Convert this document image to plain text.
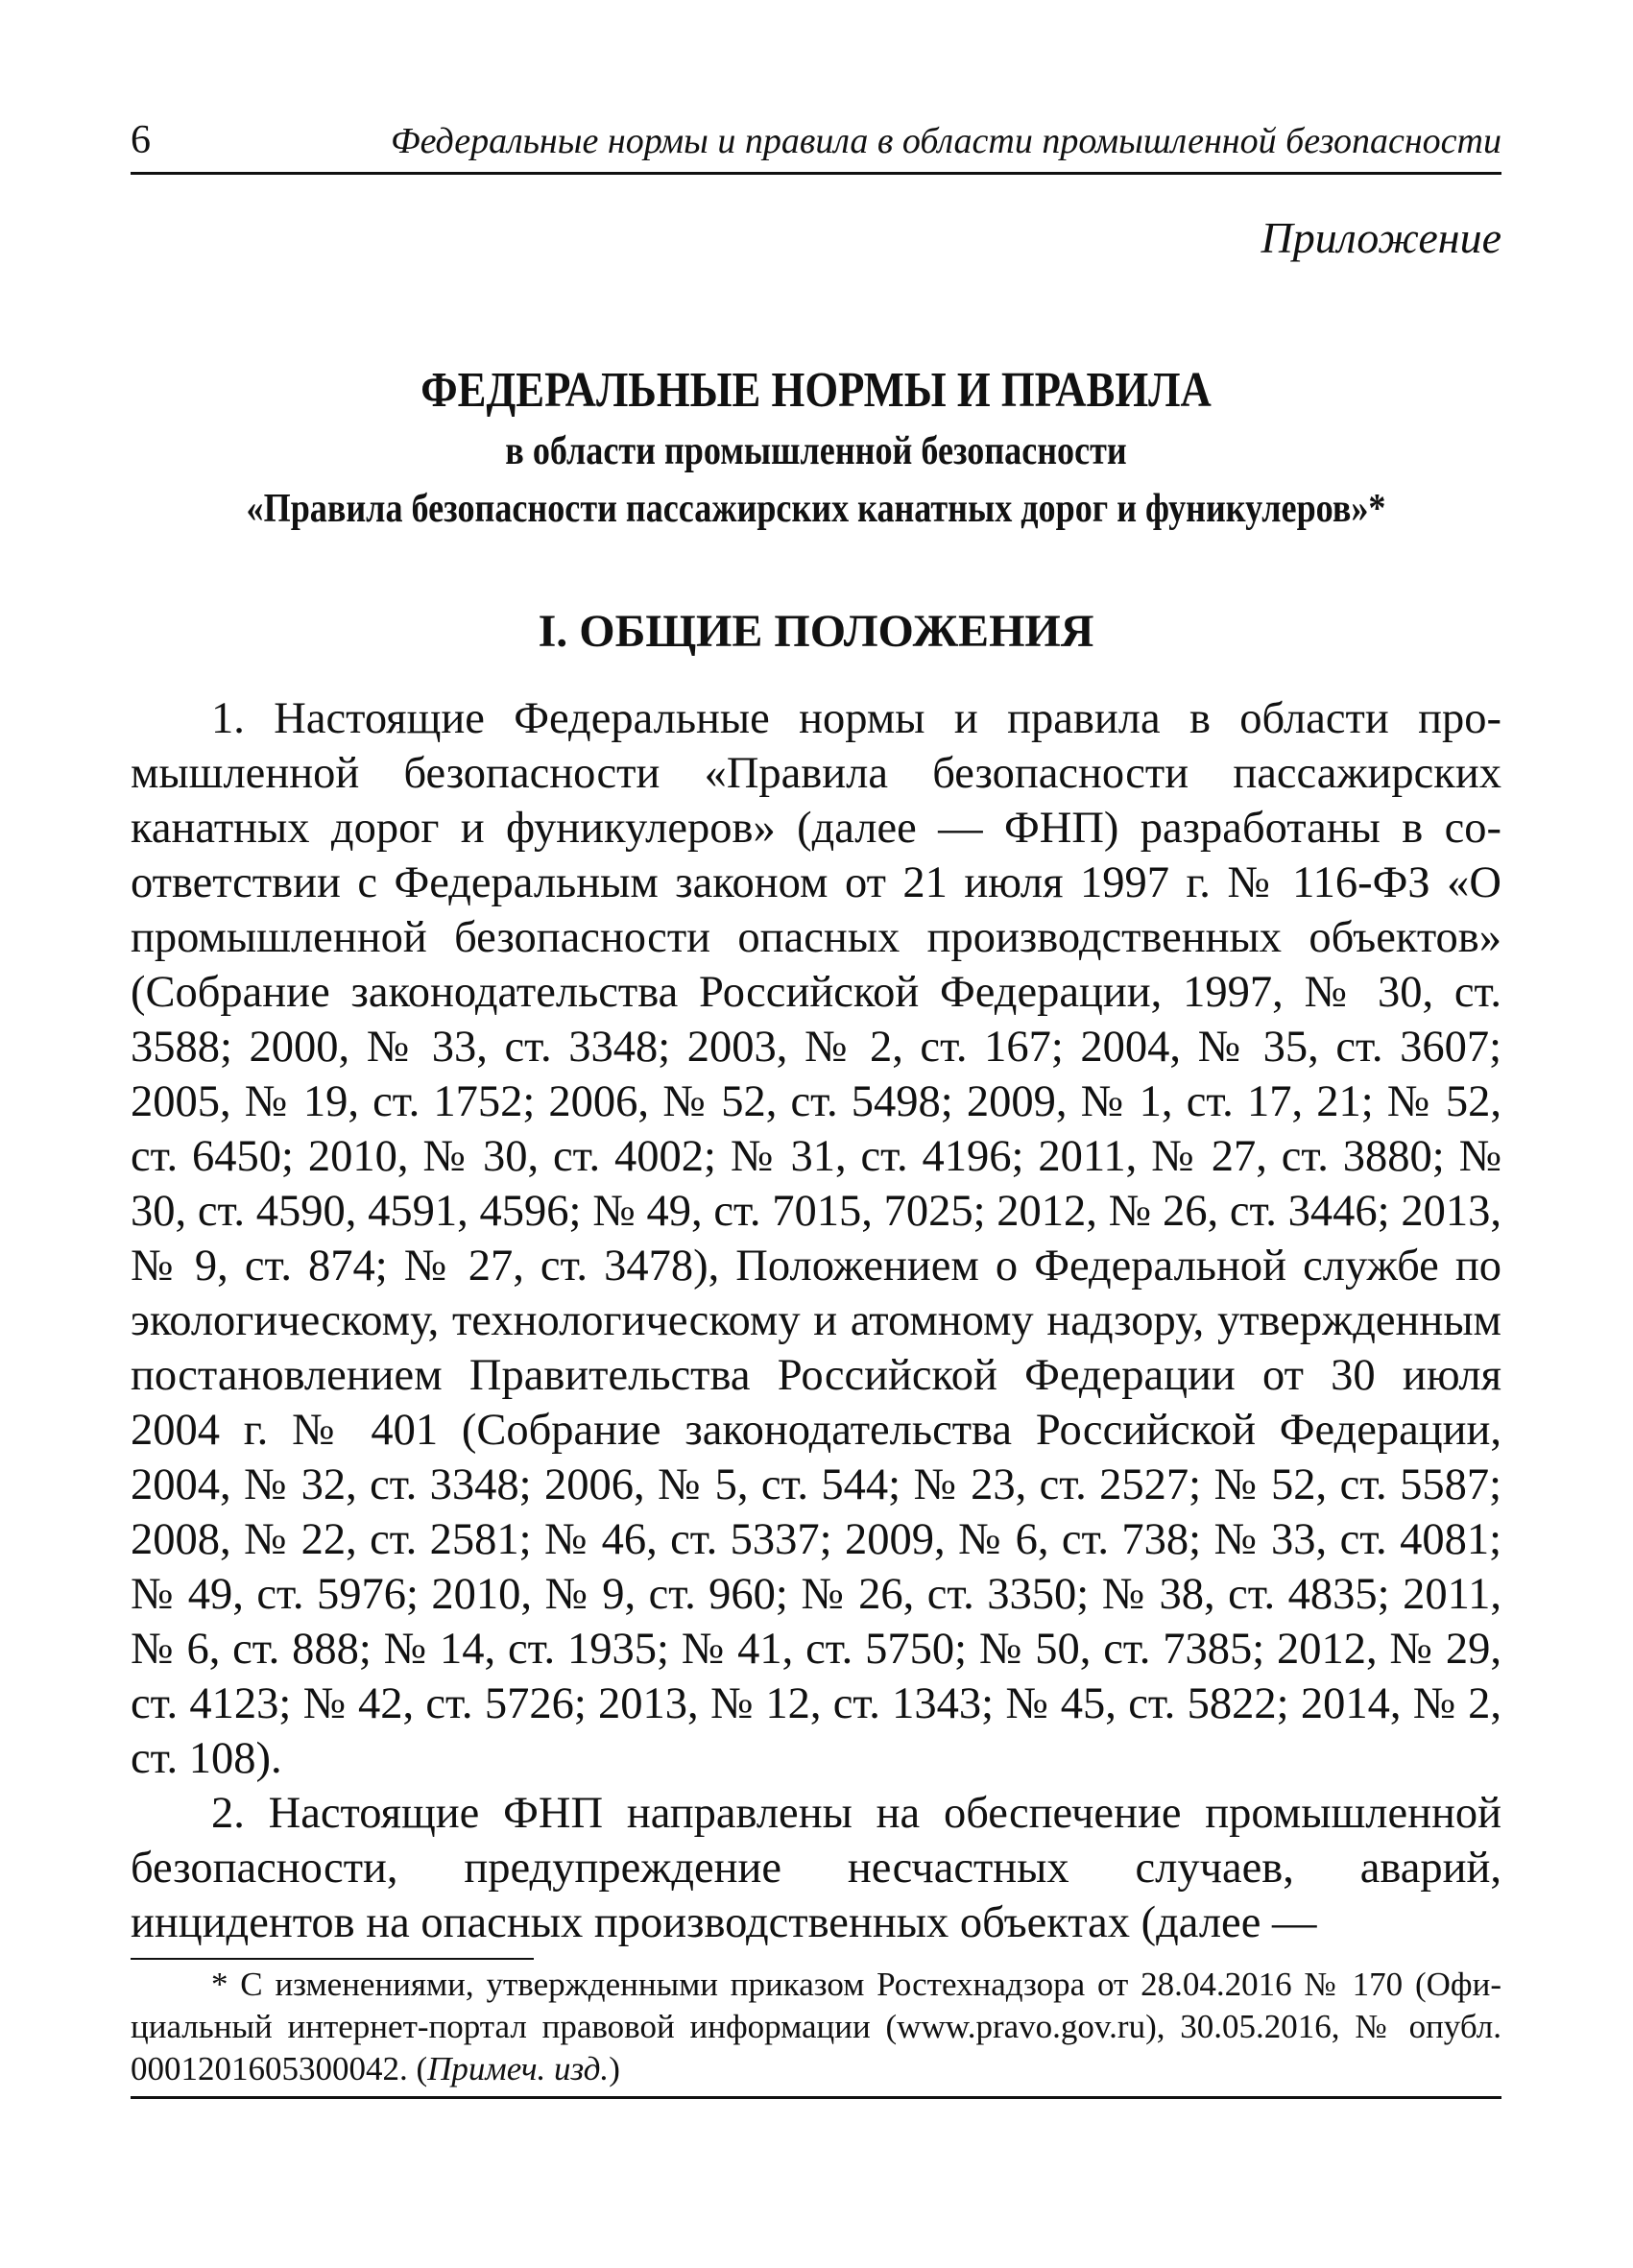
6	Федеральные нормы и правила в области промышленной безопасности
Приложение
ФЕДЕРАЛЬНЫЕ НОРМЫ И ПРАВИЛА
в области промышленной безопасности
«Правила безопасности пассажирских канатных дорог и фуникулеров»*
I. ОБЩИЕ ПОЛОЖЕНИЯ

1. Настоящие Федеральные нормы и правила в области промышленной безопасности «Правила безопасности пассажирских канатных дорог и фуникулеров» (далее — ФНП) разработаны в соответствии с Федеральным законом от 21 июля 1997 г. № 116-ФЗ «О промышленной безопасности опасных производственных объектов» (Собрание законодательства Российской Федерации, 1997, № 30, ст. 3588; 2000, № 33, ст. 3348; 2003, № 2, ст. 167; 2004, № 35, ст. 3607; 2005, № 19, ст. 1752; 2006, № 52, ст. 5498; 2009, № 1, ст. 17, 21; № 52, ст. 6450; 2010, № 30, ст. 4002; № 31, ст. 4196; 2011, № 27, ст. 3880; № 30, ст. 4590, 4591, 4596; № 49, ст. 7015, 7025; 2012, № 26, ст. 3446; 2013, № 9, ст. 874; № 27, ст. 3478), Положением о Федеральной службе по экологическому, технологическому и атомному надзору, утвержденным постановлением Правительства Российской Федерации от 30 июля 2004 г. № 401 (Собрание законодательства Российской Федерации, 2004, № 32, ст. 3348; 2006, № 5, ст. 544; № 23, ст. 2527; № 52, ст. 5587; 2008, № 22, ст. 2581; № 46, ст. 5337; 2009, № 6, ст. 738; № 33, ст. 4081; № 49, ст. 5976; 2010, № 9, ст. 960; № 26, ст. 3350; № 38, ст. 4835; 2011, № 6, ст. 888; № 14, ст. 1935; № 41, ст. 5750; № 50, ст. 7385; 2012, № 29, ст. 4123; № 42, ст. 5726; 2013, № 12, ст. 1343; № 45, ст. 5822; 2014, № 2, ст. 108).

2. Настоящие ФНП направлены на обеспечение промышленной безопасности, предупреждение несчастных случаев, аварий, инцидентов на опасных производственных объектах (далее —

* С изменениями, утвержденными приказом Ростехнадзора от 28.04.2016 № 170 (Официальный интернет-портал правовой информации (www.pravo.gov.ru), 30.05.2016, № опубл. 0001201605300042. (Примеч. изд.)
